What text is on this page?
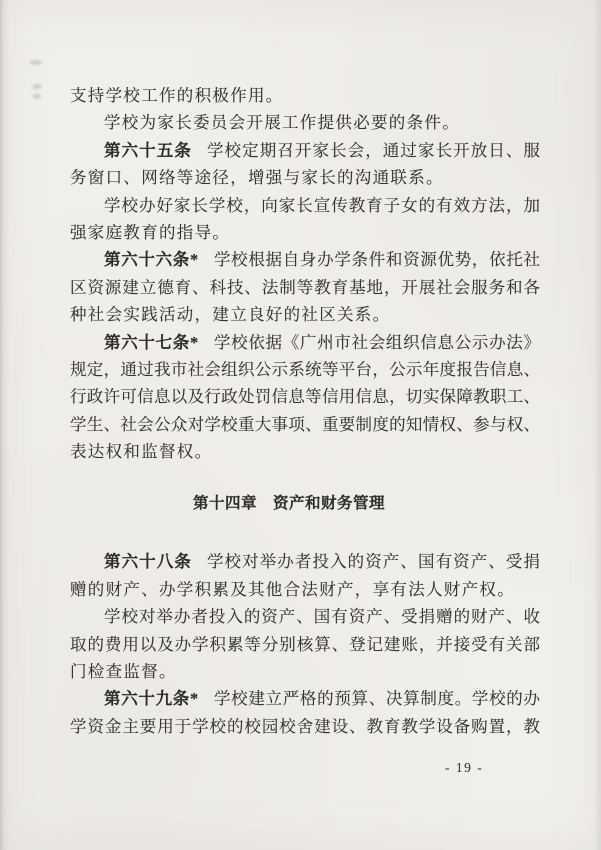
支持学校工作的积极作用。
学校为家长委员会开展工作提供必要的条件。
第六十五条 学校定期召开家长会，通过家长开放日、服
务窗口、网络等途径，增强与家长的沟通联系。
学校办好家长学校，向家长宣传教育子女的有效方法，加
强家庭教育的指导。
第六十六条* 学校根据自身办学条件和资源优势，依托社
区资源建立德育、科技、法制等教育基地，开展社会服务和各
种社会实践活动，建立良好的社区关系。
第六十七条* 学校依据《广州市社会组织信息公示办法》
规定，通过我市社会组织公示系统等平台，公示年度报告信息、
行政许可信息以及行政处罚信息等信用信息，切实保障教职工、
学生、社会公众对学校重大事项、重要制度的知情权、参与权、
表达权和监督权。
第十四章　资产和财务管理
第六十八条 学校对举办者投入的资产、国有资产、受捐
赠的财产、办学积累及其他合法财产，享有法人财产权。
学校对举办者投入的资产、国有资产、受捐赠的财产、收
取的费用以及办学积累等分别核算、登记建账，并接受有关部
门检查监督。
第六十九条* 学校建立严格的预算、决算制度。学校的办
学资金主要用于学校的校园校舍建设、教育教学设备购置，教
- 19 -
